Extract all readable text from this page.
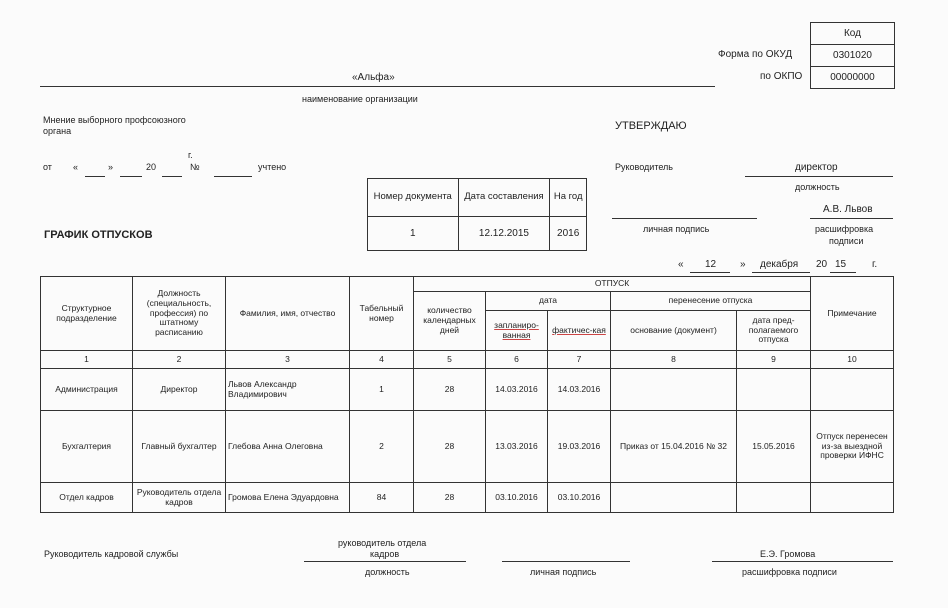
Форма по ОКУД
по ОКПО
Код
0301020
00000000
«Альфа»
наименование организации
Мнение выборного профсоюзного
органа
г.
от «	»	20	№	учтено
УТВЕРЖДАЮ
Руководитель	директор
должность
А.В. Львов
личная подпись	расшифровка
подписи
« 12 » декабря 20 15	г.
Номер документа	Дата составления	На год
1	12.12.2015	2016
ГРАФИК ОТПУСКОВ
Структурное подразделение	Должность (специальность, профессия) по штатному расписанию	Фамилия, имя, отчество	Табельный номер	ОТПУСК					Примечание
				количество календарных дней	дата		перенесение отпуска		
					запланиро-ванная	фактичес-кая	основание (документ)	дата пред-полагаемого отпуска	
1	2	3	4	5	6	7	8	9	10
Администрация	Директор	Львов Александр Владимирович	1	28	14.03.2016	14.03.2016			
Бухгалтерия	Главный бухгалтер	Глебова Анна Олеговна	2	28	13.03.2016	19.03.2016	Приказ от 15.04.2016 № 32	15.05.2016	Отпуск перенесен из-за выездной проверки ИФНС
Отдел кадров	Руководитель отдела кадров	Громова Елена Эдуардовна	84	28	03.10.2016	03.10.2016			
Руководитель кадровой службы
руководитель отдела
кадров	Е.Э. Громова
должность	личная подпись	расшифровка подписи
